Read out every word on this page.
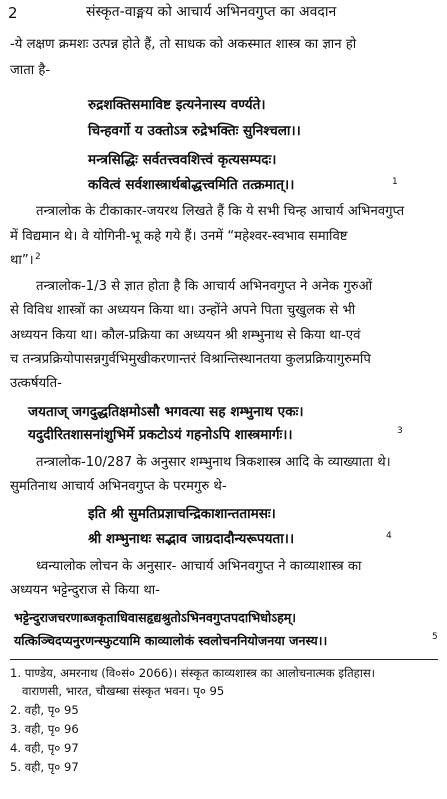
2	संस्कृत-वाङ्मय को आचार्य अभिनवगुप्त का अवदान
-ये लक्षण क्रमशः उत्पन्न होते हैं, तो साधक को अकस्मात शास्त्र का ज्ञान हो
जाता है-
रुद्रशक्तिसमाविष्ट इत्यनेनास्य वर्ण्यते।
चिन्हवर्गो य उक्तोऽत्र रुद्रेभक्तिः सुनिश्चला।।
मन्त्रसिद्धिः सर्वतत्त्ववशित्त्वं कृत्यसम्पदः।
कवित्वं सर्वशास्त्रार्थबोद्धत्त्वमिति तत्क्रमात्।।	1
तन्त्रालोक के टीकाकार-जयरथ लिखते हैं कि ये सभी चिन्ह आचार्य अभिनवगुप्त
में विद्यमान थे। वे योगिनी-भू कहे गये हैं। उनमें “महेश्वर-स्वभाव समाविष्ट
था”। 2
तन्त्रालोक-1/3 से ज्ञात होता है कि आचार्य अभिनवगुप्त ने अनेक गुरुओं
से विविध शास्त्रों का अध्ययन किया था। उन्होंने अपने पिता चुखुलक से भी
अध्ययन किया था। कौल-प्रक्रिया का अध्ययन श्री शम्भुनाथ से किया था-एवं
च तन्त्रप्रक्रियोपासन्नगुर्वभिमुखीकरणान्तरं विश्रान्तिस्थानतया कुलप्रक्रियागुरुमपि
उत्कर्षयति-
जयताज् जगदुद्धतिक्षमोऽसौ भगवत्या सह शम्भुनाथ एकः।
यदुदीरितशासनांशुभिर्मे प्रकटोऽयं गहनोऽपि शास्त्रमार्गः।।	3
तन्त्रालोक-10/287 के अनुसार शम्भुनाथ त्रिकशास्त्र आदि के व्याख्याता थे।
सुमतिनाथ आचार्य अभिनवगुप्त के परमगुरु थे-
इति श्री सुमतिप्रज्ञाचन्द्रिकाशान्ततामसः।
श्री शम्भुनाथः सद्भाव जाग्रदादौन्यरूपयता।।	4
ध्वन्यालोक लोचन के अनुसार- आचार्य अभिनवगुप्त ने काव्याशास्त्र का
अध्ययन भट्टेन्दुराज से किया था-
भट्टेन्दुराजचरणाब्जकृताधिवासहृद्यश्रुतोऽभिनवगुप्तपदाभिधोऽहम्।
यत्किञ्चिदप्यनुरणन्स्फुटयामि काव्यालोकं स्वलोचननियोजनया जनस्य।।	5
1. पाण्डेय, अमरनाथ (वि०सं० 2066)। संस्कृत काव्यशास्त्र का आलोचनात्मक इतिहास।
वाराणसी, भारत, चौखम्बा संस्कृत भवन। पृ० 95
2. वही, पृ० 95
3. वही, पृ० 96
4. वही, पृ० 97
5. वही, पृ० 97
